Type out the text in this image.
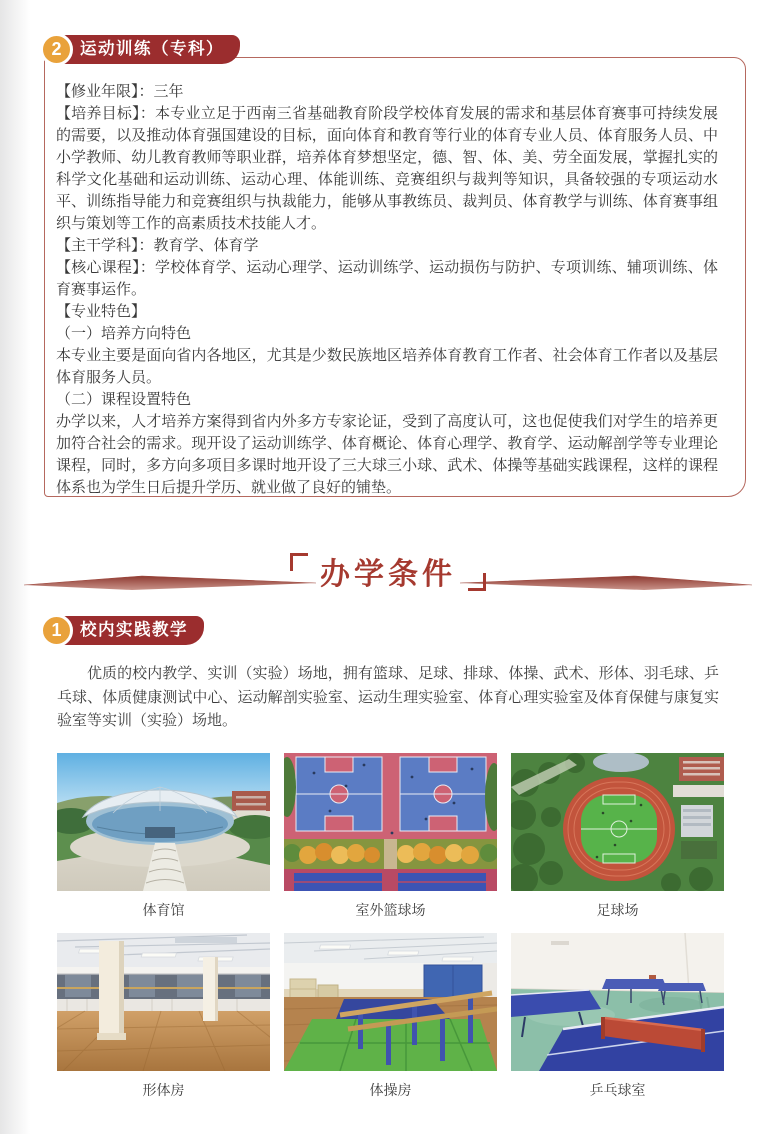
2	运动训练（专科）

【修业年限】：三年

【培养目标】：本专业立足于西南三省基础教育阶段学校体育发展的需求和基层体育赛事可持续发展的需要，以及推动体育强国建设的目标，面向体育和教育等行业的体育专业人员、体育服务人员、中小学教师、幼儿教育教师等职业群，培养体育梦想坚定，德、智、体、美、劳全面发展，掌握扎实的科学文化基础和运动训练、运动心理、体能训练、竞赛组织与裁判等知识，具备较强的专项运动水平、训练指导能力和竞赛组织与执裁能力，能够从事教练员、裁判员、体育教学与训练、体育赛事组织与策划等工作的高素质技术技能人才。

【主干学科】：教育学、体育学

【核心课程】：学校体育学、运动心理学、运动训练学、运动损伤与防护、专项训练、辅项训练、体育赛事运作。

【专业特色】

（一）培养方向特色

本专业主要是面向省内各地区，尤其是少数民族地区培养体育教育工作者、社会体育工作者以及基层体育服务人员。

（二）课程设置特色

办学以来，人才培养方案得到省内外多方专家论证，受到了高度认可，这也促使我们对学生的培养更加符合社会的需求。现开设了运动训练学、体育概论、体育心理学、教育学、运动解剖学等专业理论课程，同时，多方向多项目多课时地开设了三大球三小球、武术、体操等基础实践课程，这样的课程体系也为学生日后提升学历、就业做了良好的铺垫。

办学条件
1	校内实践教学

优质的校内教学、实训（实验）场地，拥有篮球、足球、排球、体操、武术、形体、羽毛球、乒乓球、体质健康测试中心、运动解剖实验室、运动生理实验室、体育心理实验室及体育保健与康复实验室等实训（实验）场地。

体育馆	室外篮球场	足球场
形体房	体操房	乒乓球室
